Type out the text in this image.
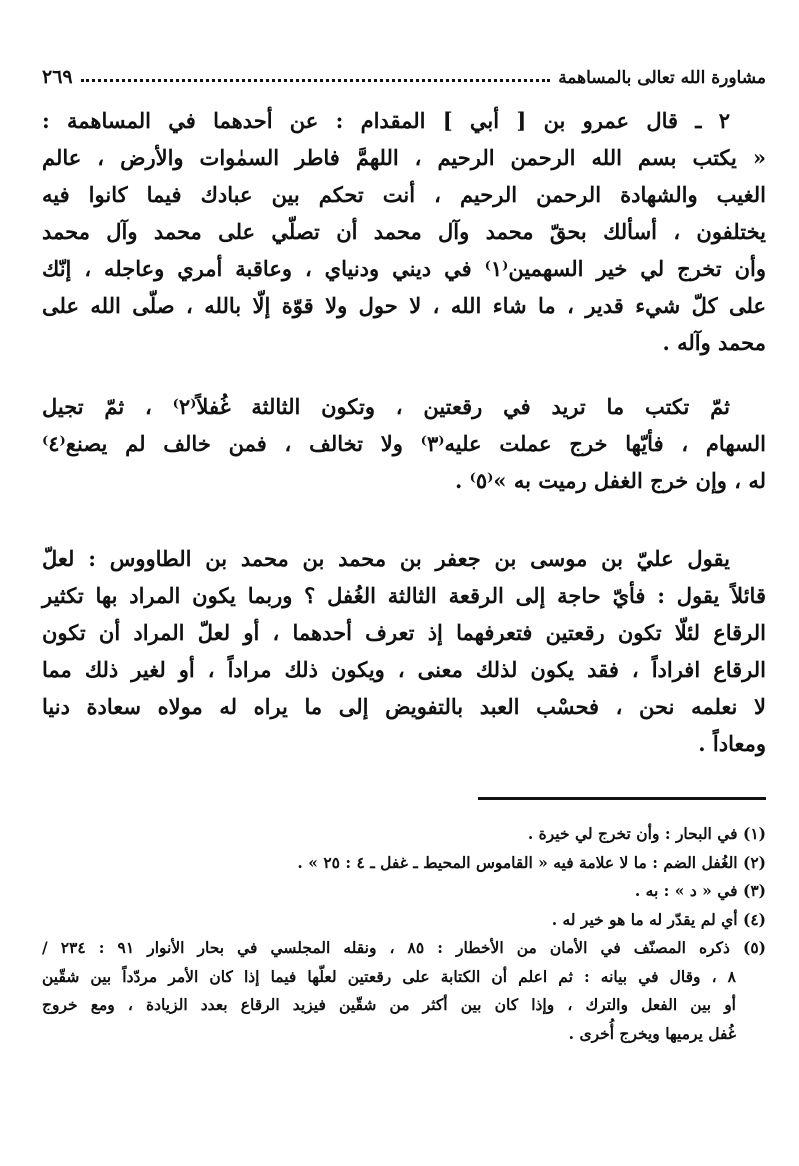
مشاورة الله تعالى بالمساهمة
٢٦٩
٢ ـ قال عمرو بن [ أبي ] المقدام : عن أحدهما في المساهمة :
« يكتب بسم الله الرحمن الرحيم ، اللهمَّ فاطر السمٰوات والأرض ، عالم
الغيب والشهادة الرحمن الرحيم ، أنت تحكم بين عبادك فيما كانوا فيه
يختلفون ، أسألك بحقّ محمد وآل محمد أن تصلّي على محمد وآل محمد
وأن تخرج لي خير السهمين⁽١⁾ في ديني ودنياي ، وعاقبة أمري وعاجله ، إنّك
على كلّ شيء قدير ، ما شاء الله ، لا حول ولا قوّة إلّا بالله ، صلّى الله على
محمد وآله .
ثمّ تكتب ما تريد في رقعتين ، وتكون الثالثة غُفلاً⁽٢⁾ ، ثمّ تجيل
السهام ، فأيّها خرج عملت عليه⁽٣⁾ ولا تخالف ، فمن خالف لم يصنع⁽٤⁾
له ، وإن خرج الغفل رميت به »⁽٥⁾ .
يقول عليّ بن موسى بن جعفر بن محمد بن محمد بن الطاووس : لعلّ
قائلاً يقول : فأيّ حاجة إلى الرقعة الثالثة الغُفل ؟ وربما يكون المراد بها تكثير
الرقاع لئلّا تكون رقعتين فتعرفهما إذ تعرف أحدهما ، أو لعلّ المراد أن تكون
الرقاع افراداً ، فقد يكون لذلك معنى ، ويكون ذلك مراداً ، أو لغير ذلك مما
لا نعلمه نحن ، فحسْب العبد بالتفويض إلى ما يراه له مولاه سعادة دنيا
ومعاداً .
(١) في البحار : وأن تخرج لي خيرة .
(٢) الغُفل الضم : ما لا علامة فيه « القاموس المحيط ـ غفل ـ ٤ : ٢٥ » .
(٣) في « د » : به .
(٤) أي لم يقدّر له ما هو خير له .
(٥) ذكره المصنّف في الأمان من الأخطار : ٨٥ ، ونقله المجلسي في بحار الأنوار ٩١ : ٢٣٤ /
٨ ، وقال في بيانه : ثم اعلم أن الكتابة على رقعتين لعلّها فيما إذا كان الأمر مردّداً بين شقّين
أو بين الفعل والترك ، وإذا كان بين أكثر من شقّين فيزيد الرقاع بعدد الزيادة ، ومع خروج
غُفل يرميها ويخرج أُخرى .
